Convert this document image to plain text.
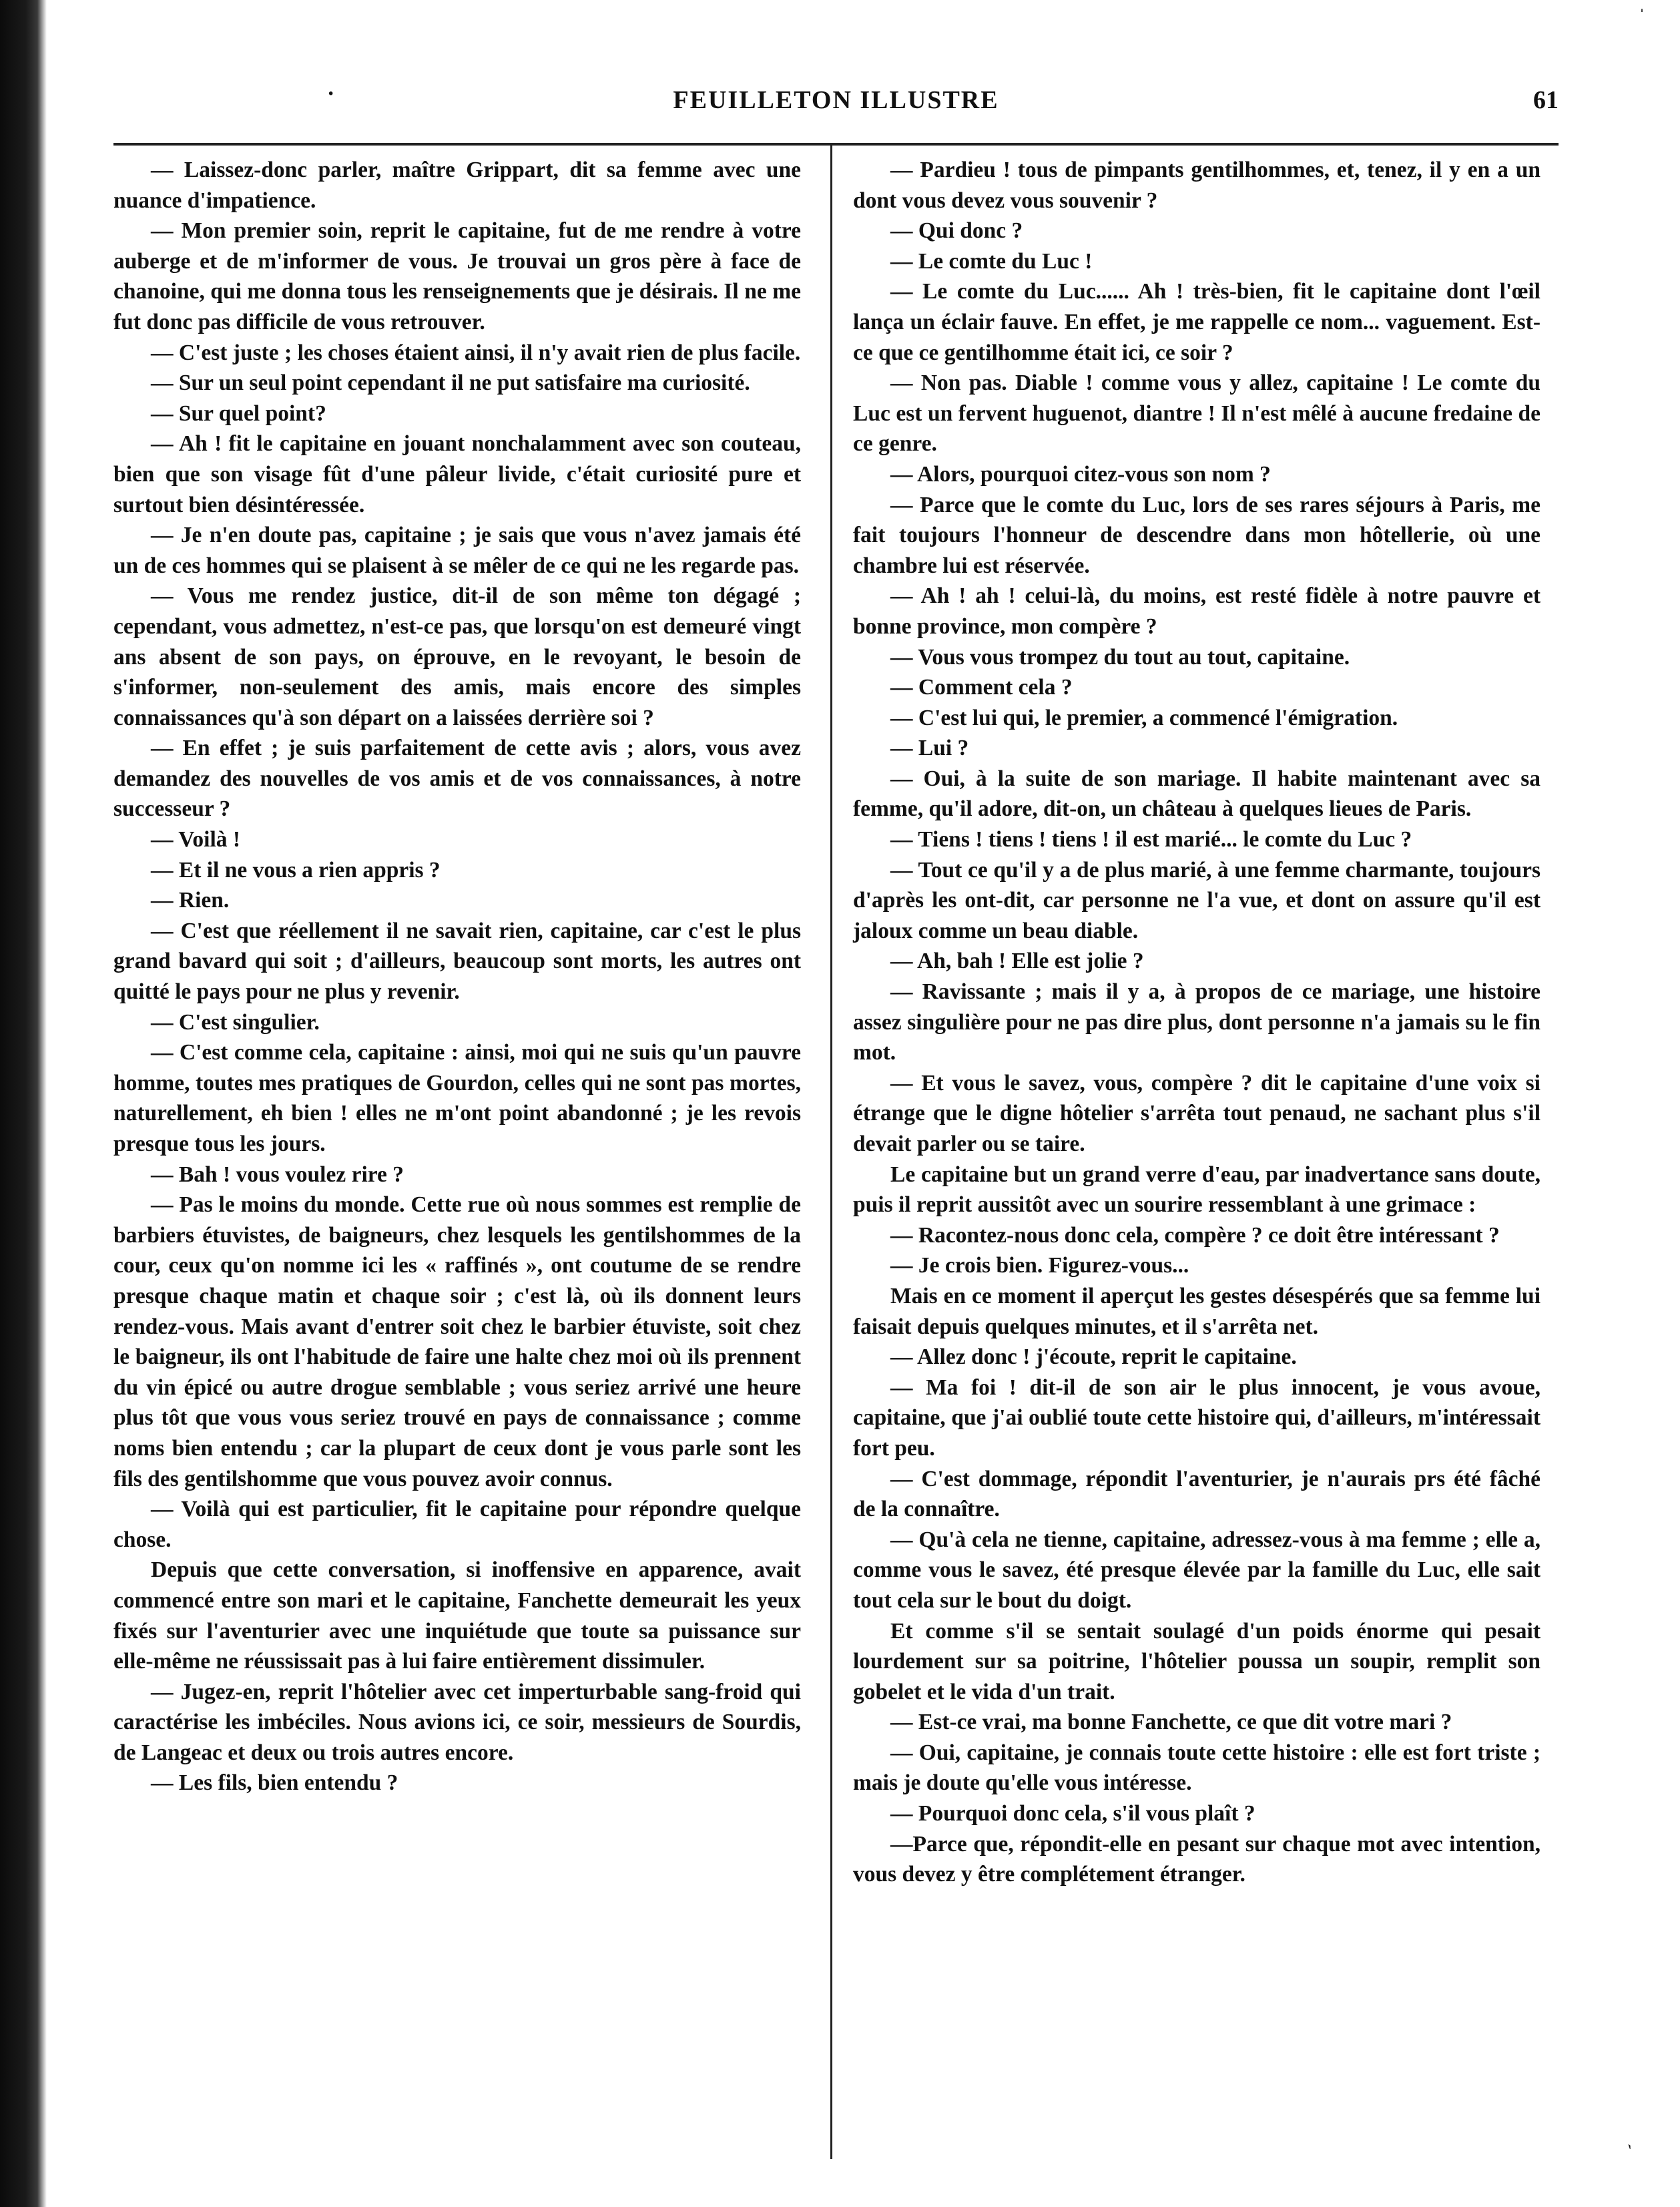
ˈ
·	FEUILLETON ILLUSTRE	61

— Laissez-donc parler, maître Grippart, dit sa femme avec une nuance d'impatience.

— Mon premier soin, reprit le capitaine, fut de me rendre à votre auberge et de m'informer de vous. Je trouvai un gros père à face de chanoine, qui me donna tous les renseignements que je désirais. Il ne me fut donc pas difficile de vous retrouver.

— C'est juste ; les choses étaient ainsi, il n'y avait rien de plus facile.

— Sur un seul point cependant il ne put satisfaire ma curiosité.

— Sur quel point?

— Ah ! fit le capitaine en jouant nonchalamment avec son couteau, bien que son visage fût d'une pâleur livide, c'était curiosité pure et surtout bien désintéressée.

— Je n'en doute pas, capitaine ; je sais que vous n'avez jamais été un de ces hommes qui se plaisent à se mêler de ce qui ne les regarde pas.

— Vous me rendez justice, dit-il de son même ton dégagé ; cependant, vous admettez, n'est-ce pas, que lorsqu'on est demeuré vingt ans absent de son pays, on éprouve, en le revoyant, le besoin de s'informer, non-seulement des amis, mais encore des simples connaissances qu'à son départ on a laissées derrière soi ?

— En effet ; je suis parfaitement de cette avis ; alors, vous avez demandez des nouvelles de vos amis et de vos connaissances, à notre successeur ?

— Voilà !

— Et il ne vous a rien appris ?

— Rien.

— C'est que réellement il ne savait rien, capitaine, car c'est le plus grand bavard qui soit ; d'ailleurs, beaucoup sont morts, les autres ont quitté le pays pour ne plus y revenir.

— C'est singulier.

— C'est comme cela, capitaine : ainsi, moi qui ne suis qu'un pauvre homme, toutes mes pratiques de Gourdon, celles qui ne sont pas mortes, naturellement, eh bien ! elles ne m'ont point abandonné ; je les revois presque tous les jours.

— Bah ! vous voulez rire ?

— Pas le moins du monde. Cette rue où nous sommes est remplie de barbiers étuvistes, de baigneurs, chez lesquels les gentilshommes de la cour, ceux qu'on nomme ici les « raffinés », ont coutume de se rendre presque chaque matin et chaque soir ; c'est là, où ils donnent leurs rendez-vous. Mais avant d'entrer soit chez le barbier étuviste, soit chez le baigneur, ils ont l'habitude de faire une halte chez moi où ils prennent du vin épicé ou autre drogue semblable ; vous seriez arrivé une heure plus tôt que vous vous seriez trouvé en pays de connaissance ; comme noms bien entendu ; car la plupart de ceux dont je vous parle sont les fils des gentilshomme que vous pouvez avoir connus.

— Voilà qui est particulier, fit le capitaine pour répondre quelque chose.

Depuis que cette conversation, si inoffensive en apparence, avait commencé entre son mari et le capitaine, Fanchette demeurait les yeux fixés sur l'aventurier avec une inquiétude que toute sa puissance sur elle-même ne réussissait pas à lui faire entièrement dissimuler.

— Jugez-en, reprit l'hôtelier avec cet imperturbable sang-froid qui caractérise les imbéciles. Nous avions ici, ce soir, messieurs de Sourdis, de Langeac et deux ou trois autres encore.

— Les fils, bien entendu ?

— Pardieu ! tous de pimpants gentilhommes, et, tenez, il y en a un dont vous devez vous souvenir ?

— Qui donc ?

— Le comte du Luc !

— Le comte du Luc...... Ah ! très-bien, fit le capitaine dont l'œil lança un éclair fauve. En effet, je me rappelle ce nom... vaguement. Est-ce que ce gentilhomme était ici, ce soir ?

— Non pas. Diable ! comme vous y allez, capitaine ! Le comte du Luc est un fervent huguenot, diantre ! Il n'est mêlé à aucune fredaine de ce genre.

— Alors, pourquoi citez-vous son nom ?

— Parce que le comte du Luc, lors de ses rares séjours à Paris, me fait toujours l'honneur de descendre dans mon hôtellerie, où une chambre lui est réservée.

— Ah ! ah ! celui-là, du moins, est resté fidèle à notre pauvre et bonne province, mon compère ?

— Vous vous trompez du tout au tout, capitaine.

— Comment cela ?

— C'est lui qui, le premier, a commencé l'émigration.

— Lui ?

— Oui, à la suite de son mariage. Il habite maintenant avec sa femme, qu'il adore, dit-on, un château à quelques lieues de Paris.

— Tiens ! tiens ! tiens ! il est marié... le comte du Luc ?

— Tout ce qu'il y a de plus marié, à une femme charmante, toujours d'après les ont-dit, car personne ne l'a vue, et dont on assure qu'il est jaloux comme un beau diable.

— Ah, bah ! Elle est jolie ?

— Ravissante ; mais il y a, à propos de ce mariage, une histoire assez singulière pour ne pas dire plus, dont personne n'a jamais su le fin mot.

— Et vous le savez, vous, compère ? dit le capitaine d'une voix si étrange que le digne hôtelier s'arrêta tout penaud, ne sachant plus s'il devait parler ou se taire.

Le capitaine but un grand verre d'eau, par inadvertance sans doute, puis il reprit aussitôt avec un sourire ressemblant à une grimace :

— Racontez-nous donc cela, compère ? ce doit être intéressant ?

— Je crois bien. Figurez-vous...

Mais en ce moment il aperçut les gestes désespérés que sa femme lui faisait depuis quelques minutes, et il s'arrêta net.

— Allez donc ! j'écoute, reprit le capitaine.

— Ma foi ! dit-il de son air le plus innocent, je vous avoue, capitaine, que j'ai oublié toute cette histoire qui, d'ailleurs, m'intéressait fort peu.

— C'est dommage, répondit l'aventurier, je n'aurais prs été fâché de la connaître.

— Qu'à cela ne tienne, capitaine, adressez-vous à ma femme ; elle a, comme vous le savez, été presque élevée par la famille du Luc, elle sait tout cela sur le bout du doigt.

Et comme s'il se sentait soulagé d'un poids énorme qui pesait lourdement sur sa poitrine, l'hôtelier poussa un soupir, remplit son gobelet et le vida d'un trait.

— Est-ce vrai, ma bonne Fanchette, ce que dit votre mari ?

— Oui, capitaine, je connais toute cette histoire : elle est fort triste ; mais je doute qu'elle vous intéresse.

— Pourquoi donc cela, s'il vous plaît ?

—Parce que, répondit-elle en pesant sur chaque mot avec intention, vous devez y être complétement étranger.

ˎ
